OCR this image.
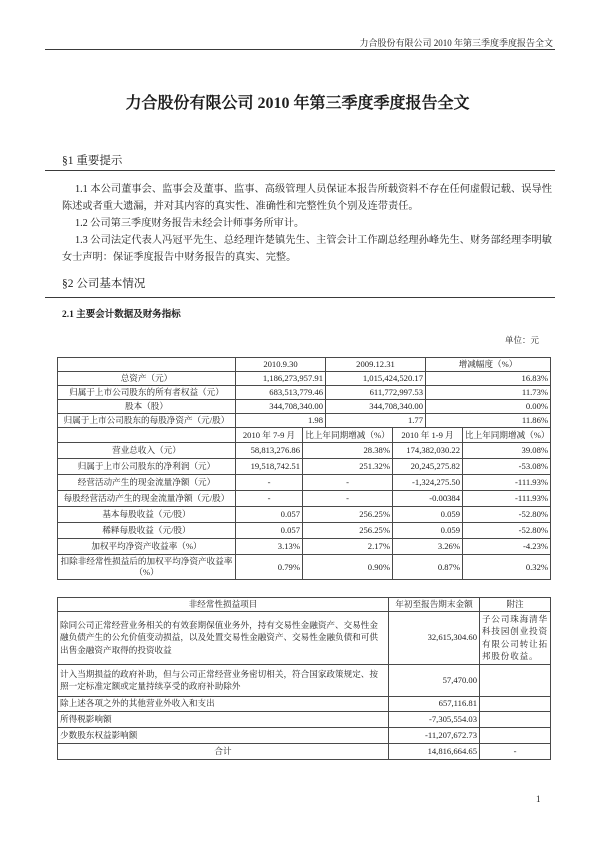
力合股份有限公司 2010 年第三季度季度报告全文
力合股份有限公司 2010 年第三季度季度报告全文
§1 重要提示

1.1 本公司董事会、监事会及董事、监事、高级管理人员保证本报告所载资料不存在任何虚假记载、误导性陈述或者重大遗漏，并对其内容的真实性、准确性和完整性负个别及连带责任。

1.2 公司第三季度财务报告未经会计师事务所审计。

1.3 公司法定代表人冯冠平先生、总经理许楚镇先生、主管会计工作副总经理孙峰先生、财务部经理李明敏女士声明：保证季度报告中财务报告的真实、完整。

§2 公司基本情况
2.1 主要会计数据及财务指标
单位：元
	2010.9.30		2009.12.31		增减幅度（%）	
总资产（元）	1,186,273,957.91		1,015,424,520.17		16.83%	
归属于上市公司股东的所有者权益（元）	683,513,779.46		611,772,997.53		11.73%	
股本（股）	344,708,340.00		344,708,340.00		0.00%	
归属于上市公司股东的每股净资产（元/股）	1.98		1.77		11.86%	
	2010 年 7-9 月	比上年同期增减（%）		2010 年 1-9 月		比上年同期增减（%）
营业总收入（元）	58,813,276.86	28.38%		174,382,030.22		39.08%
归属于上市公司股东的净利润（元）	19,518,742.51	251.32%		20,245,275.82		-53.08%
经营活动产生的现金流量净额（元）	-	-		-1,324,275.50		-111.93%
每股经营活动产生的现金流量净额（元/股）	-	-		-0.00384		-111.93%
基本每股收益（元/股）	0.057	256.25%		0.059		-52.80%
稀释每股收益（元/股）	0.057	256.25%		0.059		-52.80%
加权平均净资产收益率（%）	3.13%	2.17%		3.26%		-4.23%
扣除非经常性损益后的加权平均净资产收益率（%）	0.79%	0.90%		0.87%		0.32%
非经常性损益项目	年初至报告期末金额	附注
除同公司正常经营业务相关的有效套期保值业务外，持有交易性金融资产、交易性金融负债产生的公允价值变动损益，以及处置交易性金融资产、交易性金融负债和可供出售金融资产取得的投资收益	32,615,304.60	子公司珠海清华科技园创业投资有限公司转让拓邦股份收益。
计入当期损益的政府补助，但与公司正常经营业务密切相关，符合国家政策规定、按照一定标准定额或定量持续享受的政府补助除外	57,470.00	
除上述各项之外的其他营业外收入和支出	657,116.81	
所得税影响额	-7,305,554.03	
少数股东权益影响额	-11,207,672.73	
合计	14,816,664.65	-
1
